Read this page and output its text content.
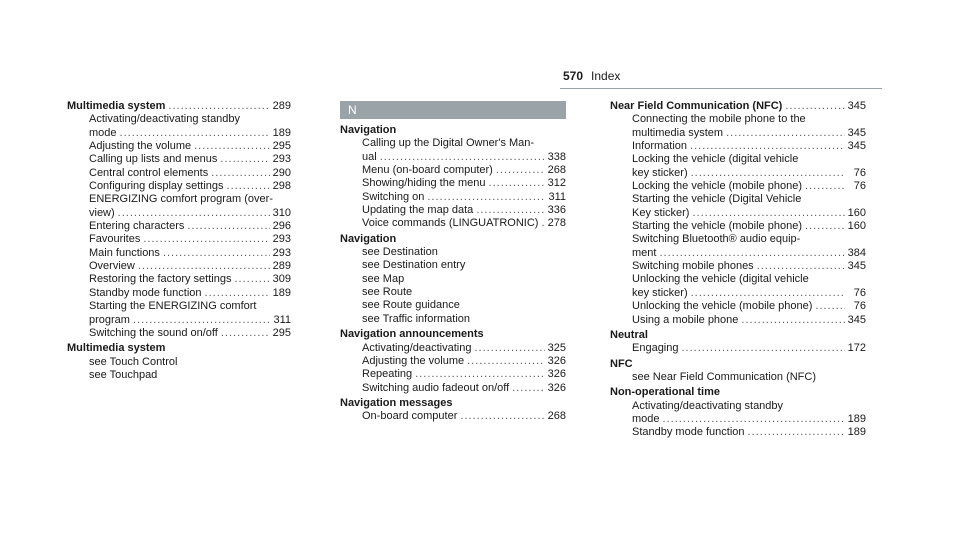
570 Index
Multimedia system .....	289
Activating/deactivating standby
mode .....	189
Adjusting the volume .....	295
Calling up lists and menus .....	293
Central control elements .....	290
Configuring display settings .....	298
ENERGIZING comfort program (over-
view) .....	310
Entering characters .....	296
Favourites .....	293
Main functions .....	293
Overview .....	289
Restoring the factory settings .....	309
Standby mode function .....	189
Starting the ENERGIZING comfort
program .....	311
Switching the sound on/off .....	295
Multimedia system
see Touch Control
see Touchpad
N
Navigation
Calling up the Digital Owner's Man-
ual .....	338
Menu (on-board computer) .....	268
Showing/hiding the menu .....	312
Switching on .....	311
Updating the map data .....	336
Voice commands (LINGUATRONIC) ..... 278
Navigation
see Destination
see Destination entry
see Map
see Route
see Route guidance
see Traffic information
Navigation announcements
Activating/deactivating .....	325
Adjusting the volume .....	326
Repeating .....	326
Switching audio fadeout on/off .....	326
Navigation messages
On-board computer .....	268
Near Field Communication (NFC) .....	345
Connecting the mobile phone to the
multimedia system .....	345
Information .....	345
Locking the vehicle (digital vehicle
key sticker) .....	76
Locking the vehicle (mobile phone) .....	76
Starting the vehicle (Digital Vehicle
Key sticker) .....	160
Starting the vehicle (mobile phone) .....	160
Switching Bluetooth® audio equip-
ment .....	384
Switching mobile phones .....	345
Unlocking the vehicle (digital vehicle
key sticker) .....	76
Unlocking the vehicle (mobile phone) .....	76
Using a mobile phone .....	345
Neutral
Engaging .....	172
NFC
see Near Field Communication (NFC)
Non-operational time
Activating/deactivating standby
mode .....	189
Standby mode function .....	189
